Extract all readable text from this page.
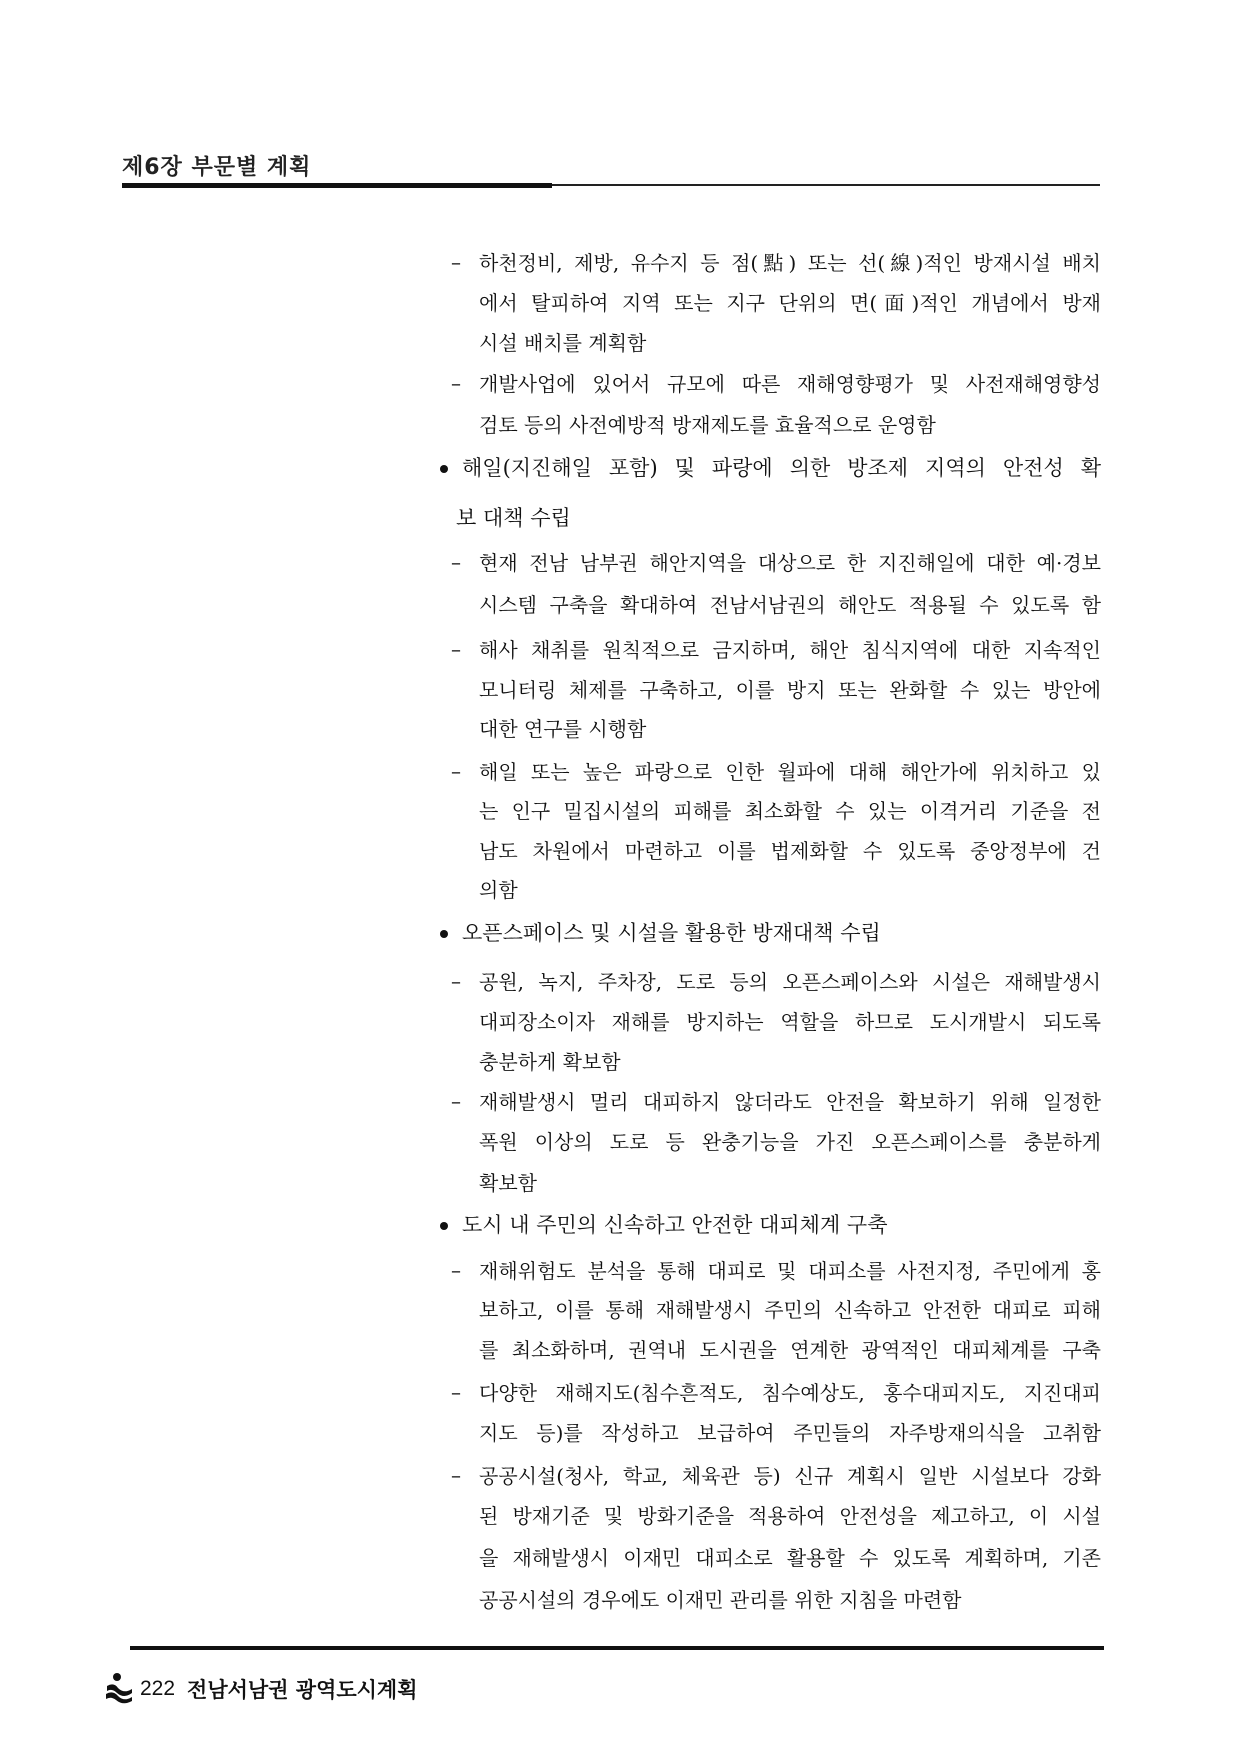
제6장 부문별 계획
– 하천정비, 제방, 유수지 등 점(點) 또는 선(線)적인 방재시설 배치
에서 탈피하여 지역 또는 지구 단위의 면(面)적인 개념에서 방재
시설 배치를 계획함
– 개발사업에 있어서 규모에 따른 재해영향평가 및 사전재해영향성
검토 등의 사전예방적 방재제도를 효율적으로 운영함
해일(지진해일 포함) 및 파랑에 의한 방조제 지역의 안전성 확
보 대책 수립
– 현재 전남 남부권 해안지역을 대상으로 한 지진해일에 대한 예·경보
시스템 구축을 확대하여 전남서남권의 해안도 적용될 수 있도록 함
– 해사 채취를 원칙적으로 금지하며, 해안 침식지역에 대한 지속적인
모니터링 체제를 구축하고, 이를 방지 또는 완화할 수 있는 방안에
대한 연구를 시행함
– 해일 또는 높은 파랑으로 인한 월파에 대해 해안가에 위치하고 있
는 인구 밀집시설의 피해를 최소화할 수 있는 이격거리 기준을 전
남도 차원에서 마련하고 이를 법제화할 수 있도록 중앙정부에 건
의함
오픈스페이스 및 시설을 활용한 방재대책 수립
– 공원, 녹지, 주차장, 도로 등의 오픈스페이스와 시설은 재해발생시
대피장소이자 재해를 방지하는 역할을 하므로 도시개발시 되도록
충분하게 확보함
– 재해발생시 멀리 대피하지 않더라도 안전을 확보하기 위해 일정한
폭원 이상의 도로 등 완충기능을 가진 오픈스페이스를 충분하게
확보함
도시 내 주민의 신속하고 안전한 대피체계 구축
– 재해위험도 분석을 통해 대피로 및 대피소를 사전지정, 주민에게 홍
보하고, 이를 통해 재해발생시 주민의 신속하고 안전한 대피로 피해
를 최소화하며, 권역내 도시권을 연계한 광역적인 대피체계를 구축
– 다양한 재해지도(침수흔적도, 침수예상도, 홍수대피지도, 지진대피
지도 등)를 작성하고 보급하여 주민들의 자주방재의식을 고취함
– 공공시설(청사, 학교, 체육관 등) 신규 계획시 일반 시설보다 강화
된 방재기준 및 방화기준을 적용하여 안전성을 제고하고, 이 시설
을 재해발생시 이재민 대피소로 활용할 수 있도록 계획하며, 기존
공공시설의 경우에도 이재민 관리를 위한 지침을 마련함
222 전남서남권 광역도시계획
